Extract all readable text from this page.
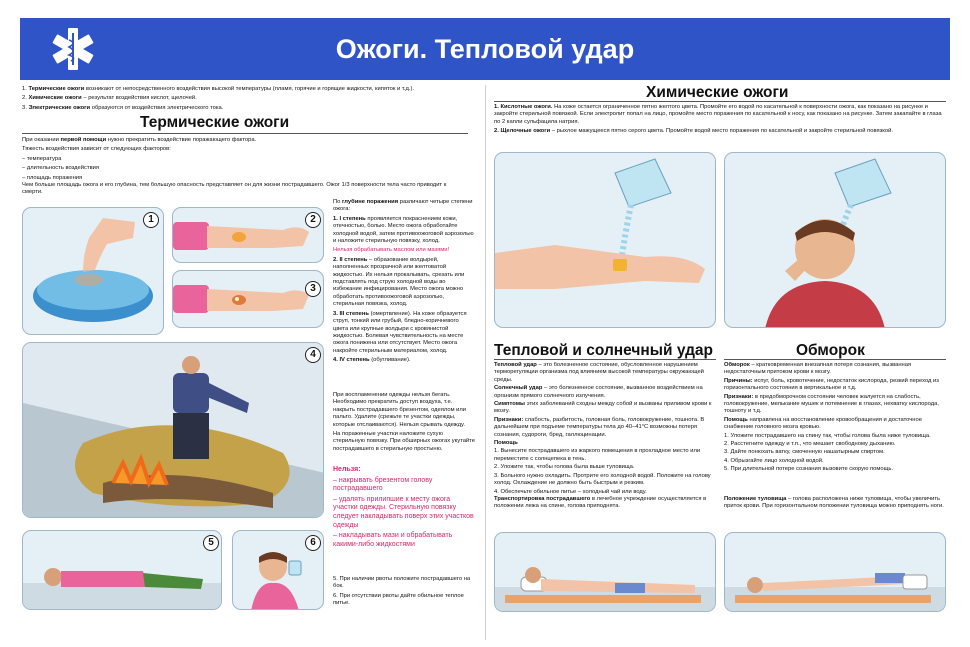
Ожоги. Тепловой удар

1. Термические ожоги возникают от непосредственного воздействия высокой температуры (пламя, горячие и горящие жидкости, кипяток и т.д.).

2. Химические ожоги – результат воздействия кислот, щелочей.

3. Электрические ожоги образуются от воздействия электрического тока.

Термические ожоги

При оказании первой помощи нужно прекратить воздействие поражающего фактора.

Тяжесть воздействия зависит от следующих факторов:

– температура

– длительность воздействия

– площадь поражения

Чем больше площадь ожога и его глубина, тем большую опасность представляет он для жизни пострадавшего. Ожог 1/3 поверхности тела часто приводит к смерти.
1	2
3
4
5	6

По глубине поражения различают четыре степени ожога:

1. I степень проявляется покраснением кожи, отечностью, болью. Место ожога обработайте холодной водой, затем противоожоговой аэрозолью и наложите стерильную повязку, холод.

Нельзя обрабатывать маслом или мазями!

2. II степень – образование волдырей, наполненных прозрачной или желтоватой жидкостью. Их нельзя прокалывать, срезать или подставлять под струю холодной воды во избежание инфицирования. Место ожога можно обработать противоожоговой аэрозолью, стерильная повязка, холод.

3. III степень (омертвление). На коже образуется струп, тонкий или грубый, бледно-коричневого цвета или крупные волдыри с кровянистой жидкостью. Болевая чувствительность на месте ожога понижена или отсутствует. Место ожога накройте стерильным материалом, холод.

4. IV степень (обугливание).

При воспламенении одежды нельзя бегать. Необходимо прекратить доступ воздуха, т.е. накрыть пострадавшего брезентом, одеялом или пальто. Удалите (срежьте те участки одежды, которые отслаиваются). Нельзя срывать одежду.

На пораженные участки наложите сухую стерильную повязку. При обширных ожогах укутайте пострадавшего в стерильную простыню.

Нельзя:

– накрывать брезентом голову пострадавшего

– удалять прилипшие к месту ожога участки одежды. Стерильную повязку следует накладывать поверх этих участков одежды

– накладывать мази и обрабатывать какими-либо жидкостями

5. При наличии рвоты положите пострадавшего на бок.

6. При отсутствии рвоты дайте обильное теплое питье.

Химические ожоги

1. Кислотные ожоги. На коже остается ограниченное пятно желтого цвета. Промойте его водой по касательной к поверхности ожога, как показано на рисунке и закройте стерильной повязкой. Если электролит попал на лицо, промойте место поражения по касательной к носу, как показано на рисунке. Затем закапайте в глаза по 2 капли сульфацила натрия.

2. Щелочные ожоги – рыхлое мажущееся пятно серого цвета. Промойте водой место поражения по касательной и закройте стерильной повязкой.

Тепловой и солнечный удар

Тепловой удар – это болезненное состояние, обусловленное нарушением терморегуляции организма под влиянием высокой температуры окружающей среды.

Солнечный удар – это болезненное состояние, вызванное воздействием на организм прямого солнечного излучения.

Симптомы этих заболеваний сходны между собой и вызваны приливом крови к мозгу.

Признаки: слабость, разбитость, головная боль, головокружение, тошнота. В дальнейшем при подъеме температуры тела до 40–41°С возможны потеря сознания, судороги, бред, галлюцинации.

Помощь

1. Вынесите пострадавшего из жаркого помещения в прохладное место или переместите с солнцепека в тень.

2. Уложите так, чтобы голова была выше туловища.

3. Больного нужно охладить. Протрите его холодной водой. Положите на голову холод. Охлаждение не должно быть быстрым и резким.

4. Обеспечьте обильное питье – холодный чай или воду.

Транспортировка пострадавшего в лечебное учреждение осуществляется в положении лежа на спине, голова приподнята.
Обморок

Обморок – кратковременная внезапная потеря сознания, вызванная недостаточным притоком крови к мозгу.

Причины: испуг, боль, кровотечение, недостаток кислорода, резкий переход из горизонтального состояния в вертикальное и т.д.

Признаки: в предобморочном состоянии человек жалуется на слабость, головокружение, мелькание мушек и потемнение в глазах, нехватку кислорода, тошноту и т.д.

Помощь направлена на восстановление кровообращения и достаточное снабжение головного мозга кровью.

1. Уложите пострадавшего на спину так, чтобы голова была ниже туловища.

2. Расстегните одежду и т.п., что мешает свободному дыханию.

3. Дайте понюхать ватку, смоченную нашатырным спиртом.

4. Обрызгайте лицо холодной водой.

5. При длительной потере сознания вызовите скорую помощь.

Положение туловища – голова расположена ниже туловища, чтобы увеличить приток крови. При горизонтальном положении туловища можно приподнять ноги.
